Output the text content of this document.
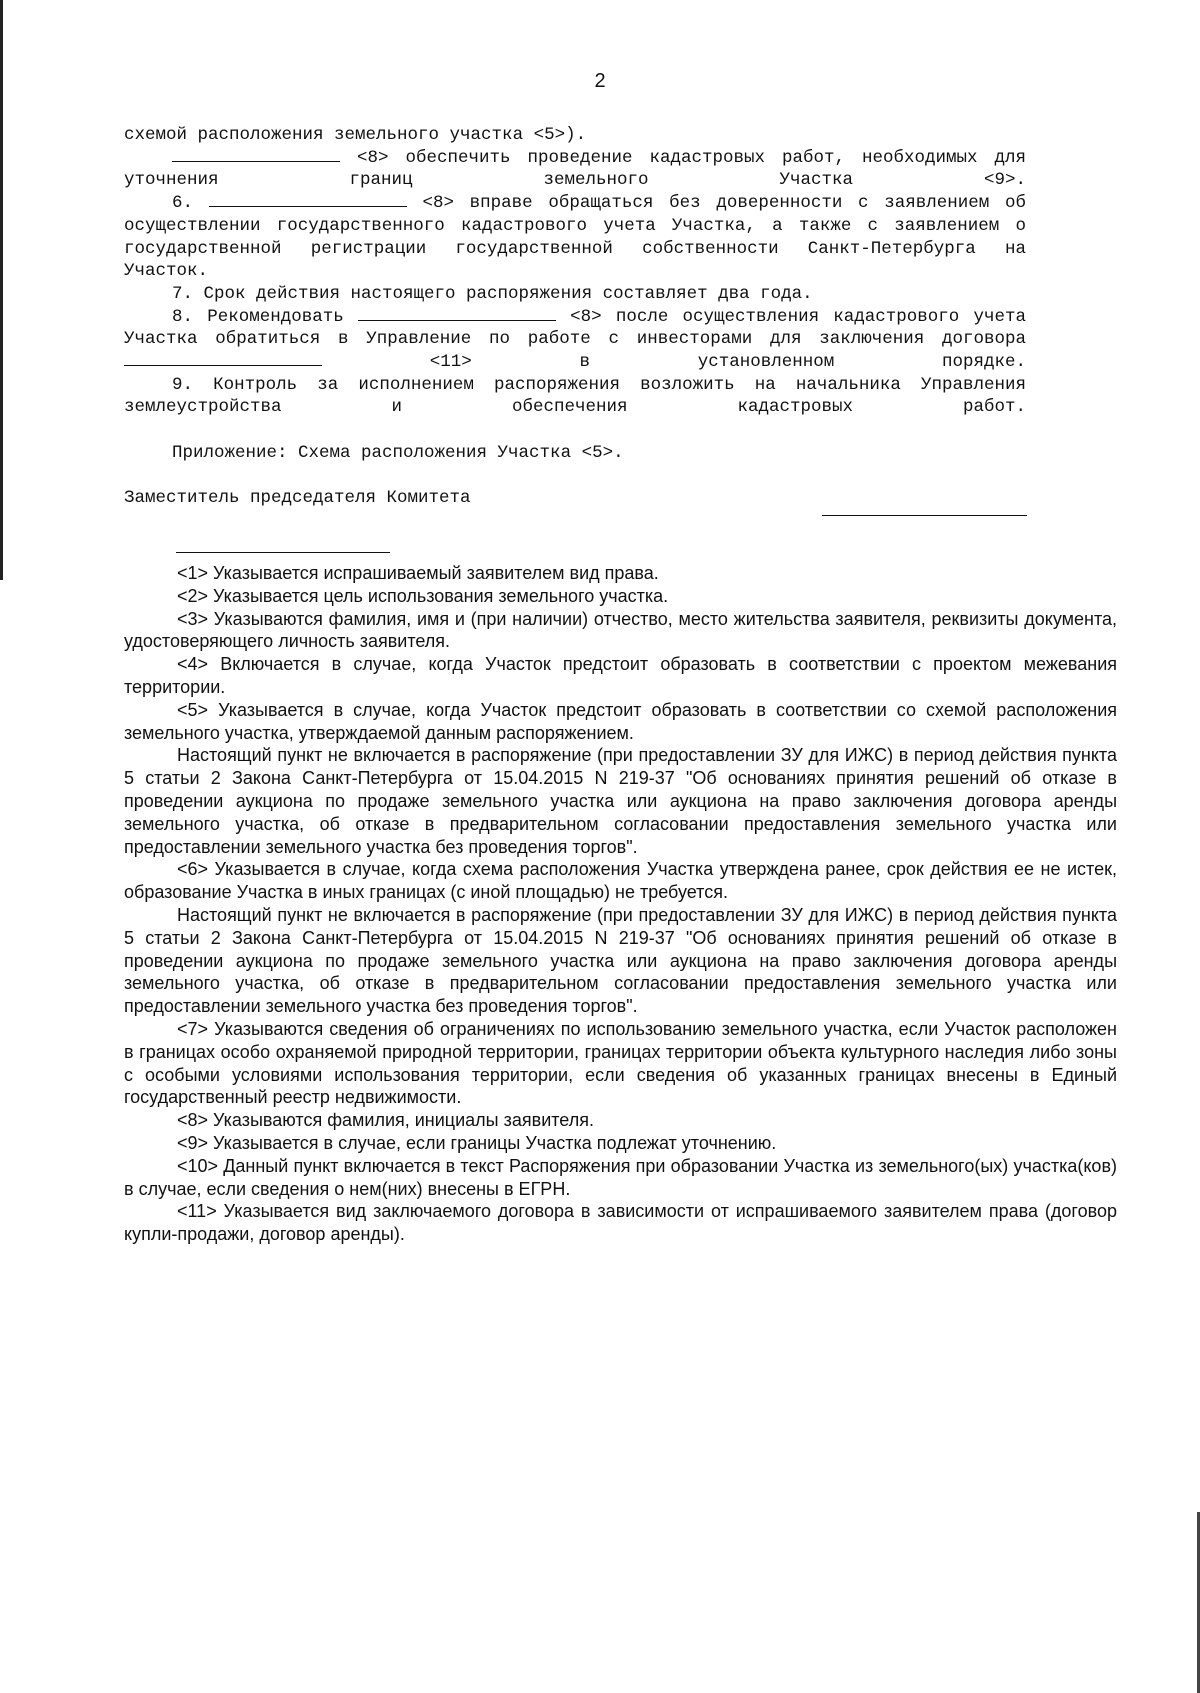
2

схемой расположения земельного участка <5>).

<8> обеспечить проведение кадастровых работ, необходимых для уточнения границ земельного Участка <9>.

6.	<8> вправе обращаться без доверенности с заявлением об осуществлении государственного кадастрового учета Участка, а также с заявлением о государственной регистрации государственной собственности Санкт-Петербурга на Участок.

7. Срок действия настоящего распоряжения составляет два года.

8. Рекомендовать	<8> после осуществления кадастрового учета Участка обратиться в Управление по работе с инвесторами для заключения договора  <11> в установленном порядке.

9. Контроль за исполнением распоряжения возложить на начальника Управления землеустройства и обеспечения кадастровых работ.

Приложение: Схема расположения Участка <5>.

Заместитель председателя Комитета

<1> Указывается испрашиваемый заявителем вид права.

<2> Указывается цель использования земельного участка.

<3> Указываются фамилия, имя и (при наличии) отчество, место жительства заявителя, реквизиты документа, удостоверяющего личность заявителя.

<4> Включается в случае, когда Участок предстоит образовать в соответствии с проектом межевания территории.

<5> Указывается в случае, когда Участок предстоит образовать в соответствии со схемой расположения земельного участка, утверждаемой данным распоряжением.

Настоящий пункт не включается в распоряжение (при предоставлении ЗУ для ИЖС) в период действия пункта 5 статьи 2 Закона Санкт-Петербурга от 15.04.2015 N 219-37 "Об основаниях принятия решений об отказе в проведении аукциона по продаже земельного участка или аукциона на право заключения договора аренды земельного участка, об отказе в предварительном согласовании предоставления земельного участка или предоставлении земельного участка без проведения торгов".

<6> Указывается в случае, когда схема расположения Участка утверждена ранее, срок действия ее не истек, образование Участка в иных границах (с иной площадью) не требуется.

Настоящий пункт не включается в распоряжение (при предоставлении ЗУ для ИЖС) в период действия пункта 5 статьи 2 Закона Санкт-Петербурга от 15.04.2015 N 219-37 "Об основаниях принятия решений об отказе в проведении аукциона по продаже земельного участка или аукциона на право заключения договора аренды земельного участка, об отказе в предварительном согласовании предоставления земельного участка или предоставлении земельного участка без проведения торгов".

<7> Указываются сведения об ограничениях по использованию земельного участка, если Участок расположен в границах особо охраняемой природной территории, границах территории объекта культурного наследия либо зоны с особыми условиями использования территории, если сведения об указанных границах внесены в Единый государственный реестр недвижимости.

<8> Указываются фамилия, инициалы заявителя.

<9> Указывается в случае, если границы Участка подлежат уточнению.

<10> Данный пункт включается в текст Распоряжения при образовании Участка из земельного(ых) участка(ков) в случае, если сведения о нем(них) внесены в ЕГРН.

<11> Указывается вид заключаемого договора в зависимости от испрашиваемого заявителем права (договор купли-продажи, договор аренды).
